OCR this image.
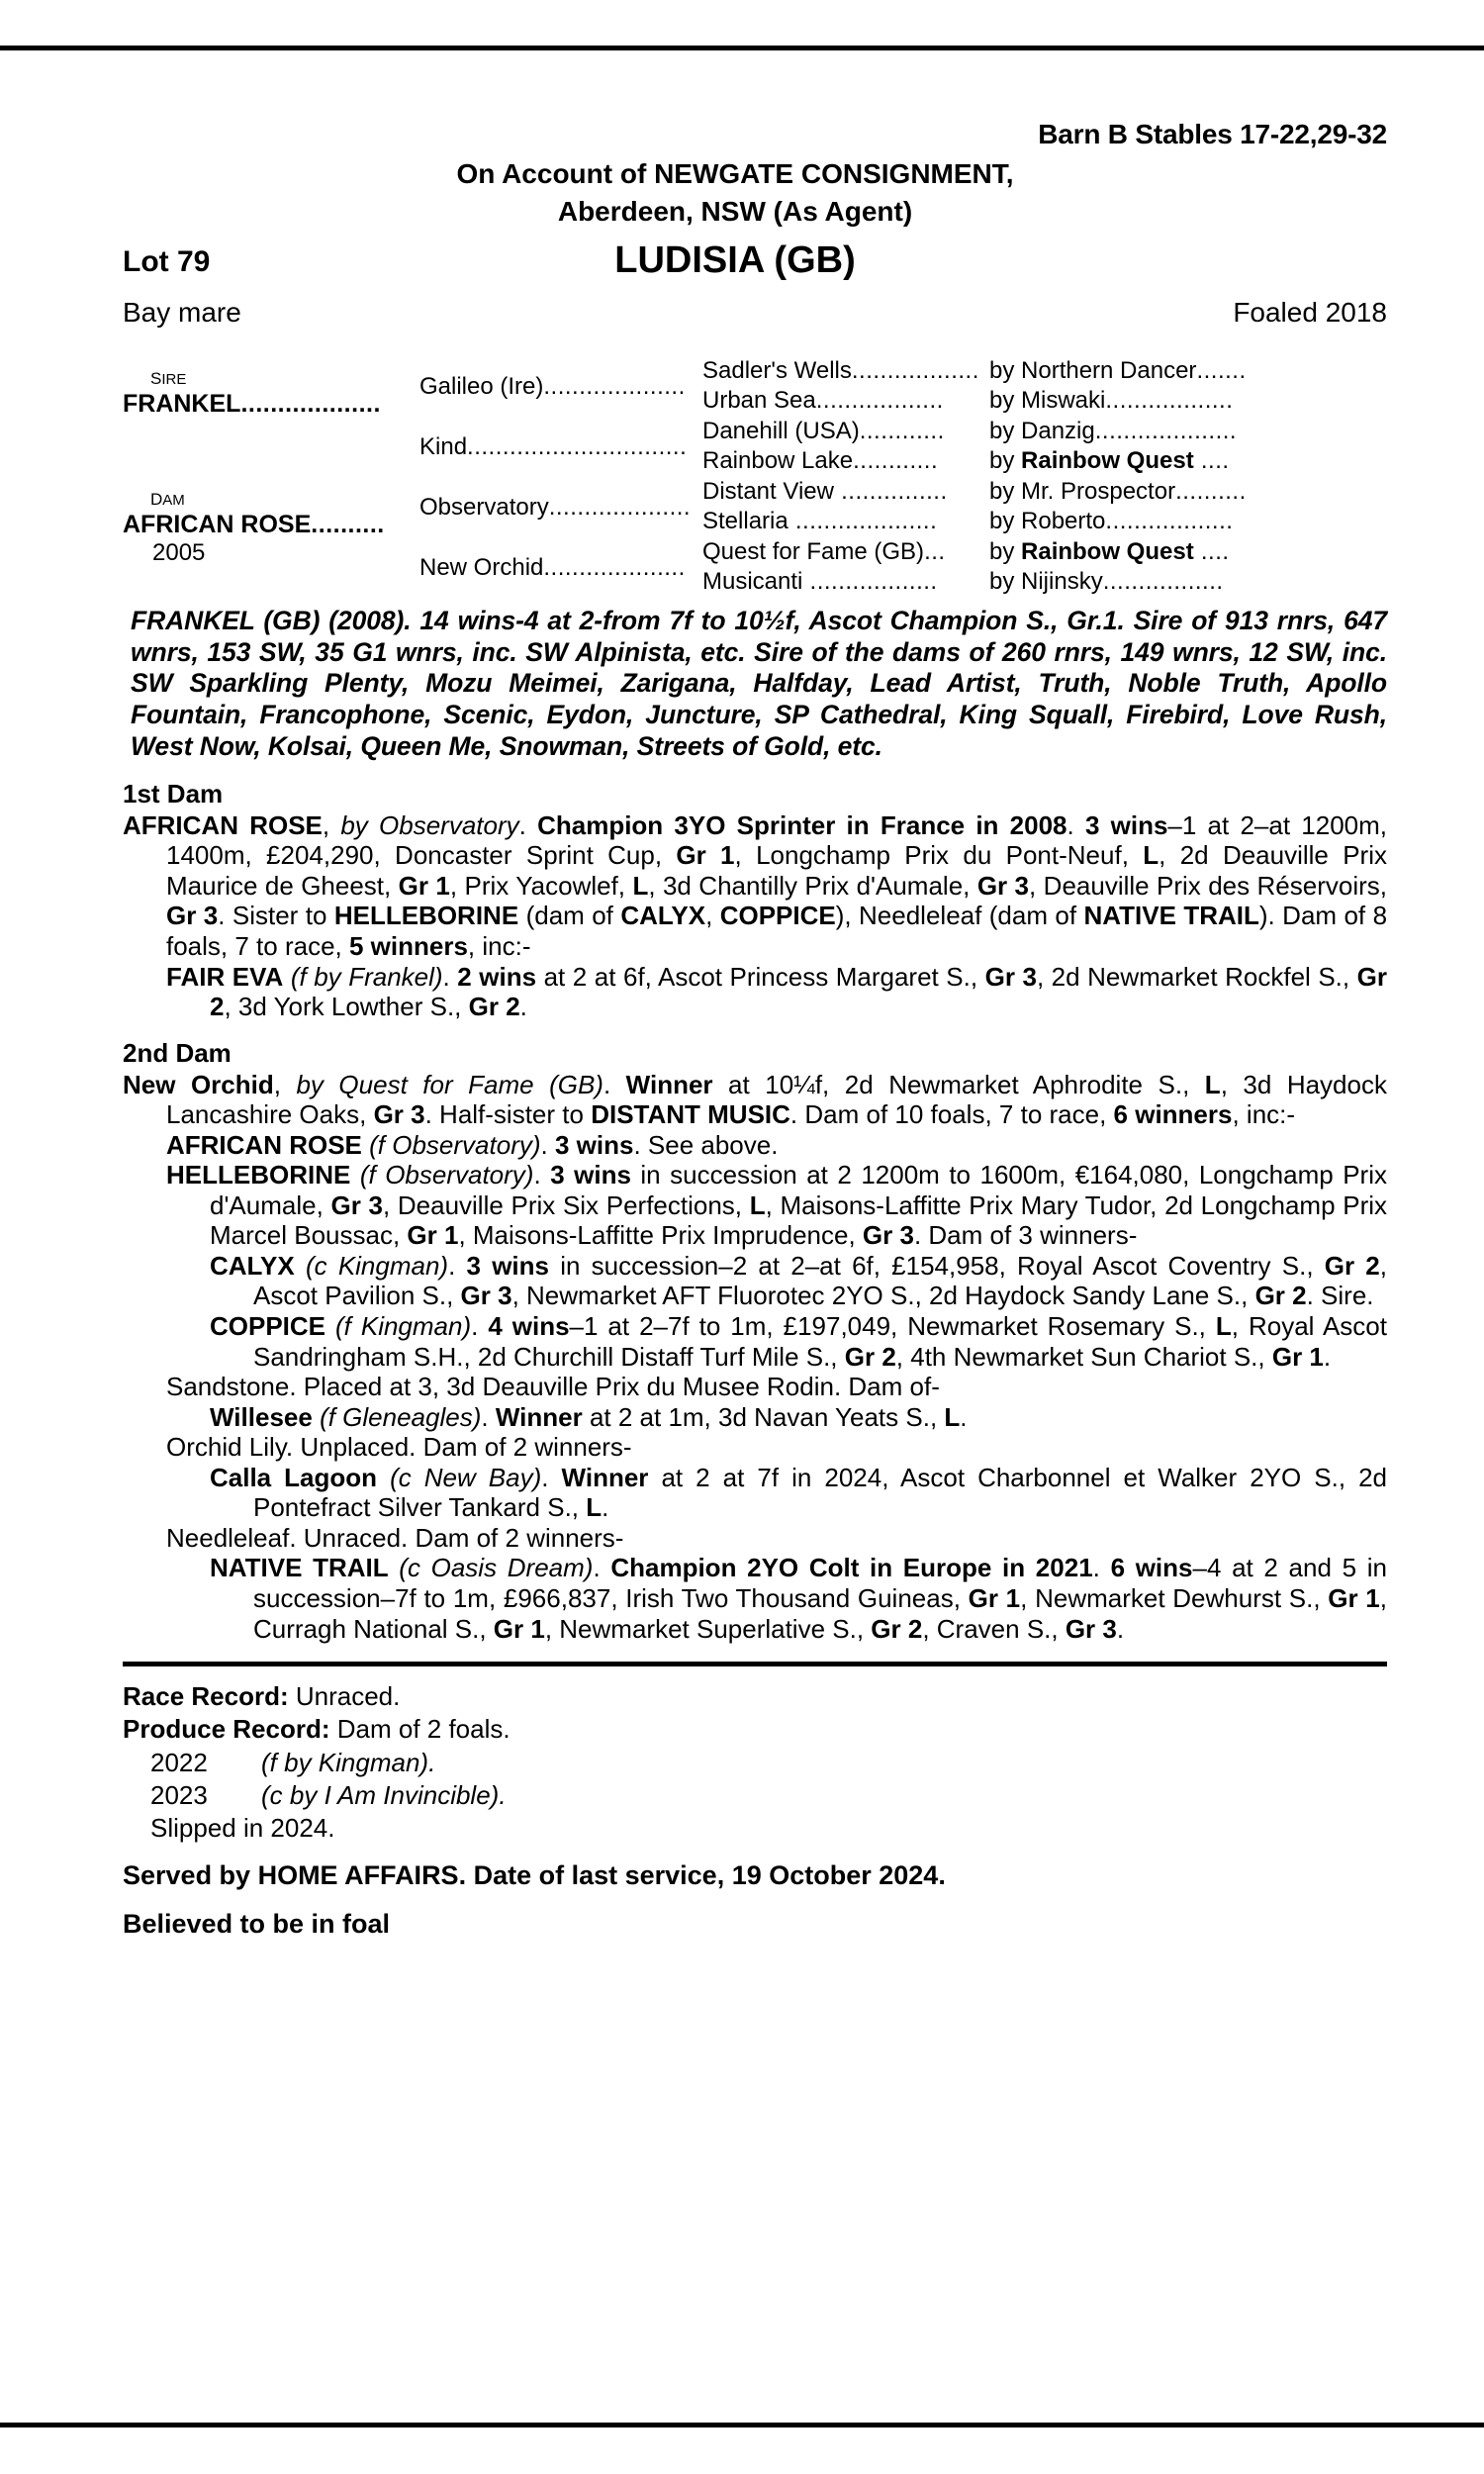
Barn B Stables 17-22,29-32
On Account of NEWGATE CONSIGNMENT,
Aberdeen, NSW (As Agent)
Lot 79	LUDISIA (GB)
Bay mare	Foaled 2018
sire
FRANKEL...................
dam
AFRICAN ROSE..........
2005
Galileo (Ire)....................
Kind...............................
Observatory....................
New Orchid....................
Sadler's Wells..................
Urban Sea..................
Danehill (USA)............
Rainbow Lake............
Distant View ...............
Stellaria ....................
Quest for Fame (GB)...
Musicanti ..................
by Northern Dancer.......
by Miswaki..................
by Danzig....................
by Rainbow Quest ....
by Mr. Prospector..........
by Roberto..................
by Rainbow Quest ....
by Nijinsky.................
FRANKEL (GB) (2008). 14 wins-4 at 2-from 7f to 10½f, Ascot Champion S., Gr.1. Sire of 913 rnrs, 647 wnrs, 153 SW, 35 G1 wnrs, inc. SW Alpinista, etc. Sire of the dams of 260 rnrs, 149 wnrs, 12 SW, inc. SW Sparkling Plenty, Mozu Meimei, Zarigana, Halfday, Lead Artist, Truth, Noble Truth, Apollo Fountain, Francophone, Scenic, Eydon, Juncture, SP Cathedral, King Squall, Firebird, Love Rush, West Now, Kolsai, Queen Me, Snowman, Streets of Gold, etc.
1st Dam
AFRICAN ROSE, by Observatory. Champion 3YO Sprinter in France in 2008. 3 wins–1 at 2–at 1200m, 1400m, £204,290, Doncaster Sprint Cup, Gr 1, Longchamp Prix du Pont-Neuf, L, 2d Deauville Prix Maurice de Gheest, Gr 1, Prix Yacowlef, L, 3d Chantilly Prix d'Aumale, Gr 3, Deauville Prix des Réservoirs, Gr 3. Sister to HELLEBORINE (dam of CALYX, COPPICE), Needleleaf (dam of NATIVE TRAIL). Dam of 8 foals, 7 to race, 5 winners, inc:-
FAIR EVA (f by Frankel). 2 wins at 2 at 6f, Ascot Princess Margaret S., Gr 3, 2d Newmarket Rockfel S., Gr 2, 3d York Lowther S., Gr 2.
2nd Dam
New Orchid, by Quest for Fame (GB). Winner at 10¼f, 2d Newmarket Aphrodite S., L, 3d Haydock Lancashire Oaks, Gr 3. Half-sister to DISTANT MUSIC. Dam of 10 foals, 7 to race, 6 winners, inc:-
AFRICAN ROSE (f Observatory). 3 wins. See above.
HELLEBORINE (f Observatory). 3 wins in succession at 2 1200m to 1600m, €164,080, Longchamp Prix d'Aumale, Gr 3, Deauville Prix Six Perfections, L, Maisons-Laffitte Prix Mary Tudor, 2d Longchamp Prix Marcel Boussac, Gr 1, Maisons-Laffitte Prix Imprudence, Gr 3. Dam of 3 winners-
CALYX (c Kingman). 3 wins in succession–2 at 2–at 6f, £154,958, Royal Ascot Coventry S., Gr 2, Ascot Pavilion S., Gr 3, Newmarket AFT Fluorotec 2YO S., 2d Haydock Sandy Lane S., Gr 2. Sire.
COPPICE (f Kingman). 4 wins–1 at 2–7f to 1m, £197,049, Newmarket Rosemary S., L, Royal Ascot Sandringham S.H., 2d Churchill Distaff Turf Mile S., Gr 2, 4th Newmarket Sun Chariot S., Gr 1.
Sandstone. Placed at 3, 3d Deauville Prix du Musee Rodin. Dam of-
Willesee (f Gleneagles). Winner at 2 at 1m, 3d Navan Yeats S., L.
Orchid Lily. Unplaced. Dam of 2 winners-
Calla Lagoon (c New Bay). Winner at 2 at 7f in 2024, Ascot Charbonnel et Walker 2YO S., 2d Pontefract Silver Tankard S., L.
Needleleaf. Unraced. Dam of 2 winners-
NATIVE TRAIL (c Oasis Dream). Champion 2YO Colt in Europe in 2021. 6 wins–4 at 2 and 5 in succession–7f to 1m, £966,837, Irish Two Thousand Guineas, Gr 1, Newmarket Dewhurst S., Gr 1, Curragh National S., Gr 1, Newmarket Superlative S., Gr 2, Craven S., Gr 3.
Race Record: Unraced.
Produce Record: Dam of 2 foals.
2022 (f by Kingman).
2023 (c by I Am Invincible).
Slipped in 2024.
Served by HOME AFFAIRS. Date of last service, 19 October 2024.
Believed to be in foal
